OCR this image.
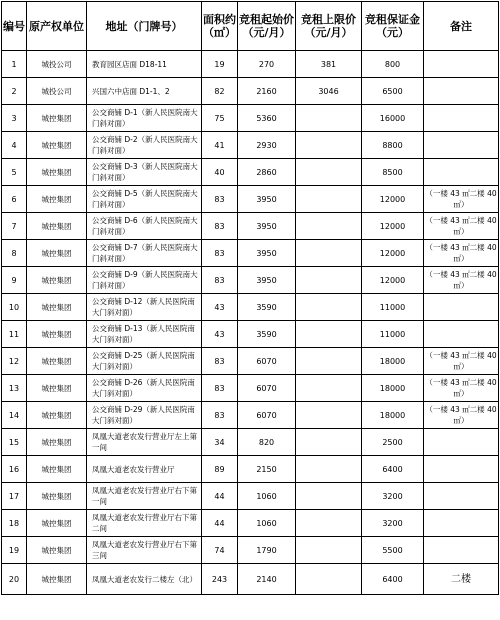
编号	原产权单位	地址（门牌号）	面积约（㎡）	竞租起始价（元/月）	竞租上限价（元/月）	竞租保证金（元）	备注
1	城投公司	教育园区店面 D18-11	19	270	381	800	
2	城投公司	兴国六中店面 D1-1、2	82	2160	3046	6500	
3	城控集团	公交商铺 D-1（新人民医院南大门斜对面）	75	5360		16000	
4	城控集团	公交商铺 D-2（新人民医院南大门斜对面）	41	2930		8800	
5	城控集团	公交商铺 D-3（新人民医院南大门斜对面）	40	2860		8500	
6	城控集团	公交商铺 D-5（新人民医院南大门斜对面）	83	3950		12000	（一楼 43 ㎡二楼 40 ㎡）
7	城控集团	公交商铺 D-6（新人民医院南大门斜对面）	83	3950		12000	（一楼 43 ㎡二楼 40 ㎡）
8	城控集团	公交商铺 D-7（新人民医院南大门斜对面）	83	3950		12000	（一楼 43 ㎡二楼 40 ㎡）
9	城控集团	公交商铺 D-9（新人民医院南大门斜对面）	83	3950		12000	（一楼 43 ㎡二楼 40 ㎡）
10	城控集团	公交商铺 D-12（新人民医院南大门斜对面）	43	3590		11000	
11	城控集团	公交商铺 D-13（新人民医院南大门斜对面）	43	3590		11000	
12	城控集团	公交商铺 D-25（新人民医院南大门斜对面）	83	6070		18000	（一楼 43 ㎡二楼 40 ㎡）
13	城控集团	公交商铺 D-26（新人民医院南大门斜对面）	83	6070		18000	（一楼 43 ㎡二楼 40 ㎡）
14	城控集团	公交商铺 D-29（新人民医院南大门斜对面）	83	6070		18000	（一楼 43 ㎡二楼 40 ㎡）
15	城控集团	凤凰大道老农发行营业厅左上第一间	34	820		2500	
16	城控集团	凤凰大道老农发行营业厅	89	2150		6400	
17	城控集团	凤凰大道老农发行营业厅右下第一间	44	1060		3200	
18	城控集团	凤凰大道老农发行营业厅右下第二间	44	1060		3200	
19	城控集团	凤凰大道老农发行营业厅右下第三间	74	1790		5500	
20	城控集团	凤凰大道老农发行二楼左（北）	243	2140		6400	二楼
